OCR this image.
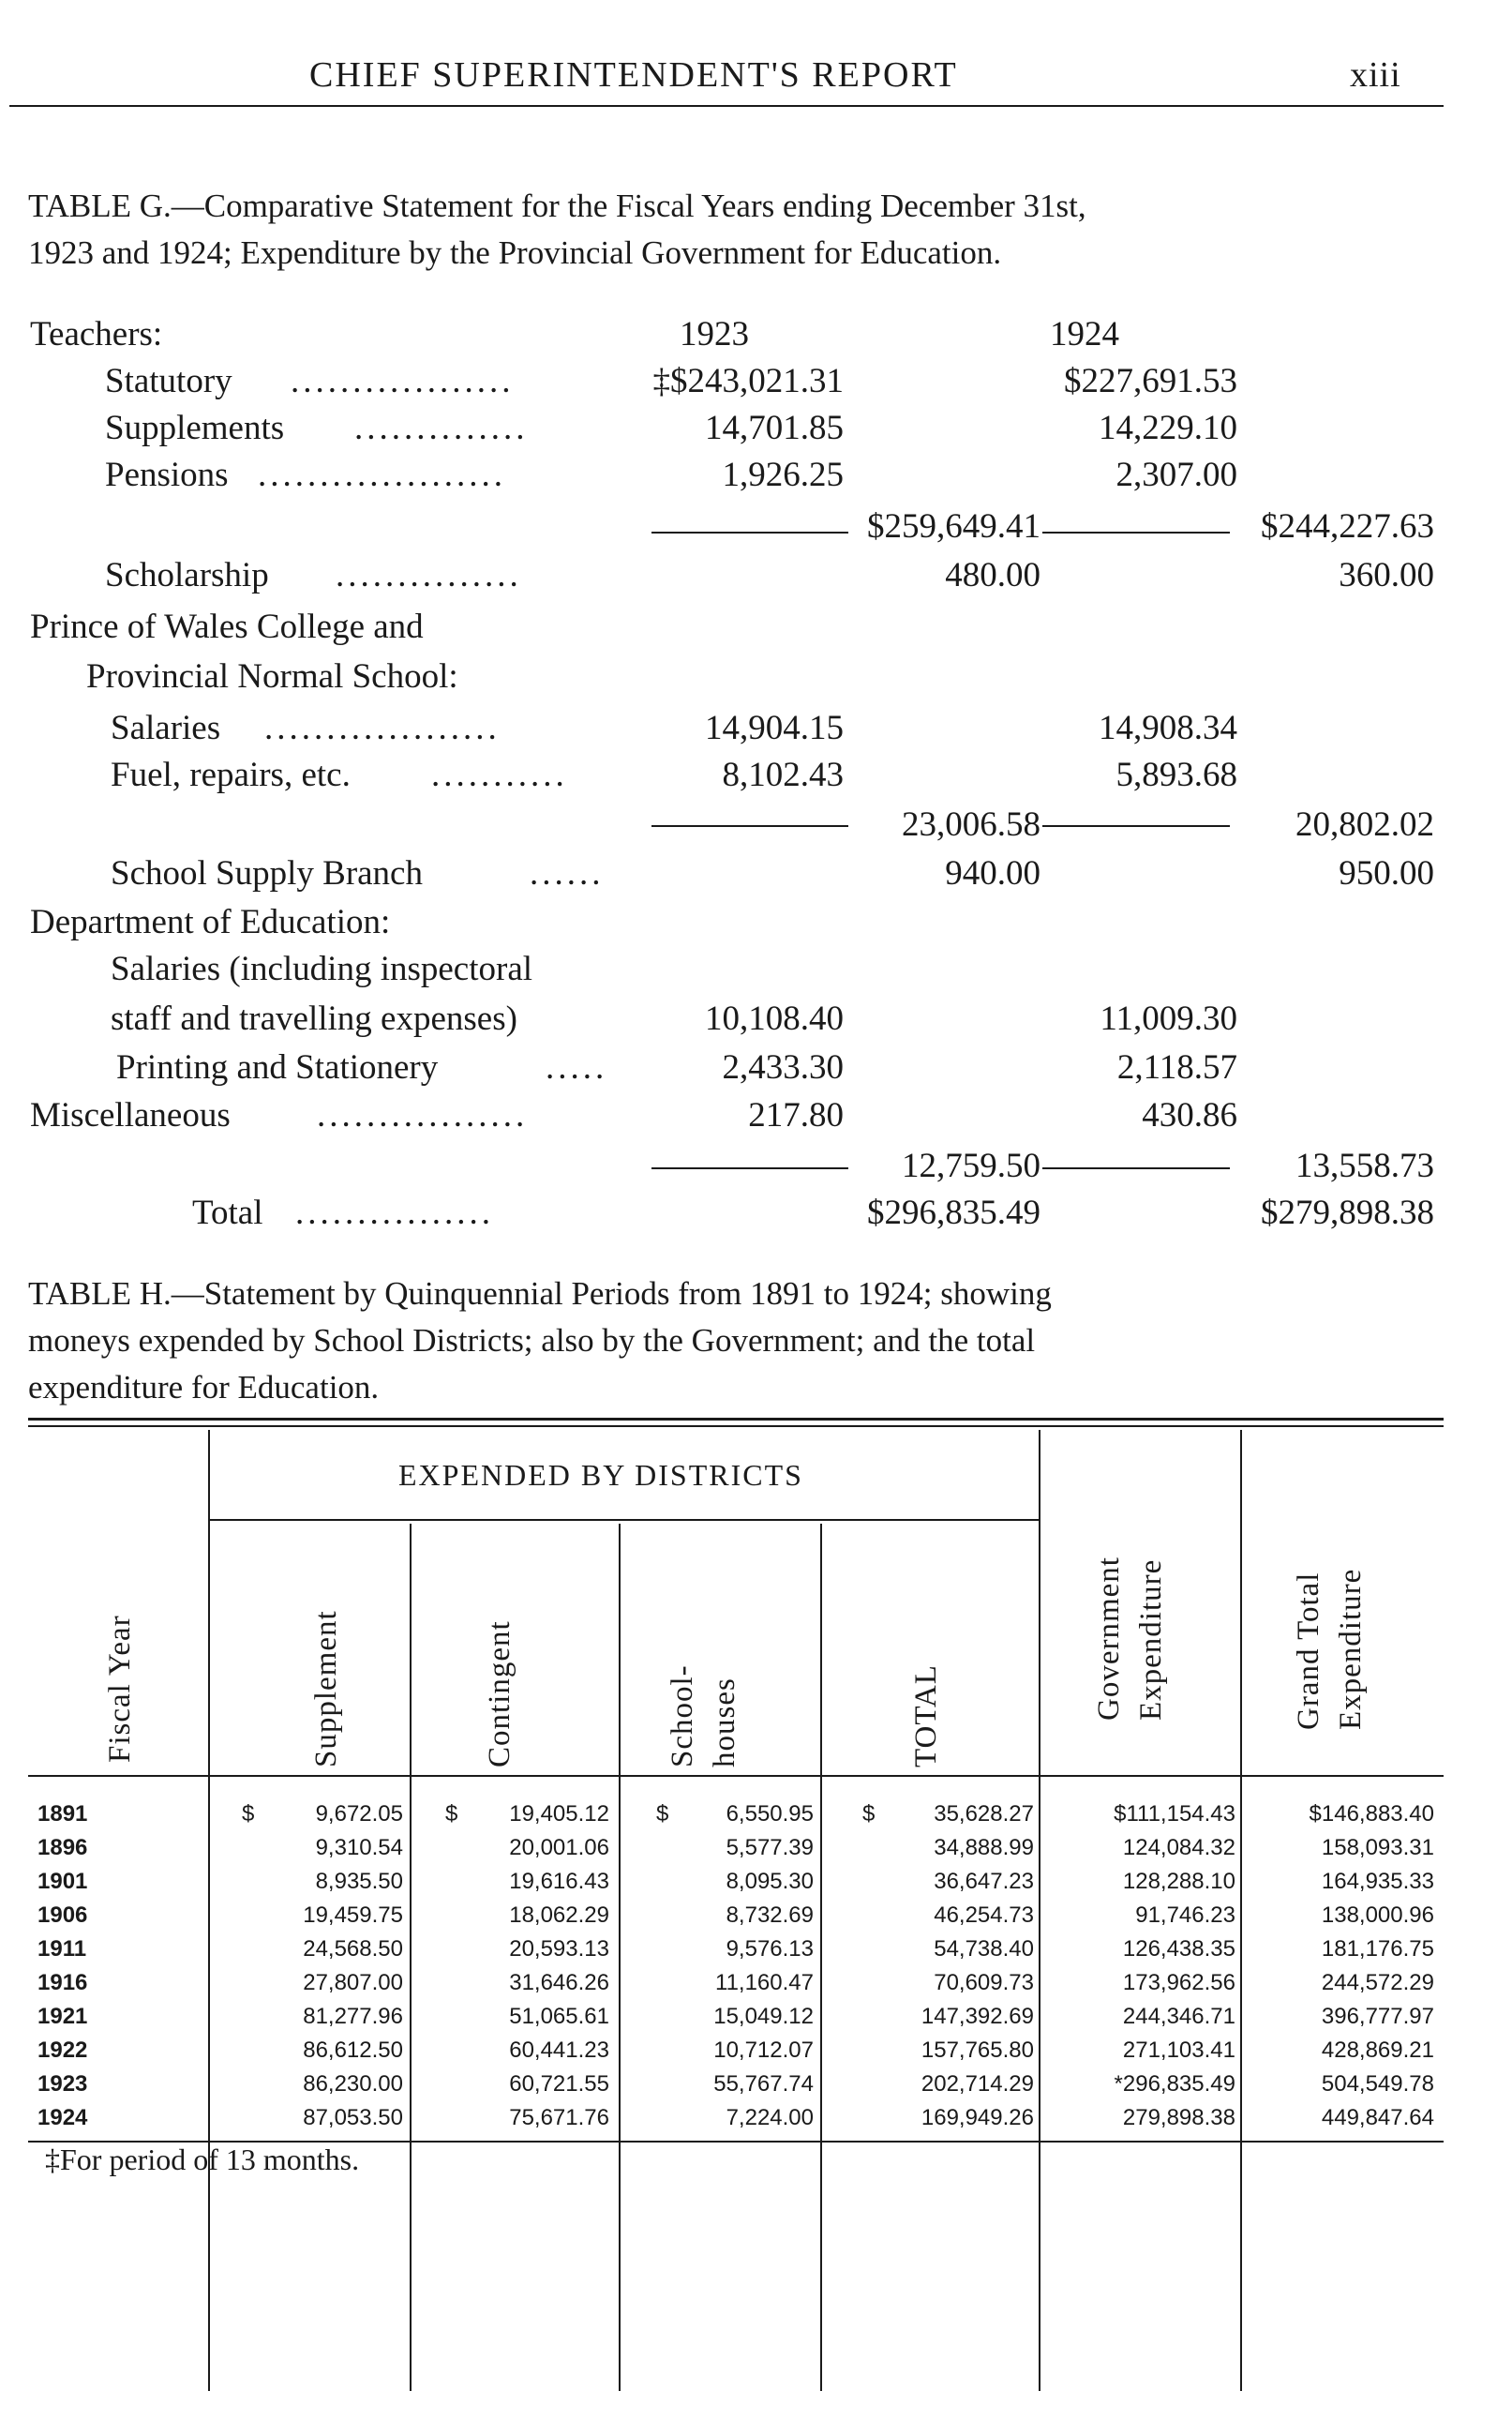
CHIEF SUPERINTENDENT'S REPORT	xiii
TABLE G.—Comparative Statement for the Fiscal Years ending December 31st,
1923 and 1924; Expenditure by the Provincial Government for Education.
Teachers:	1923	1924
Statutory ..................	‡$243,021.31	$227,691.53
Supplements ..............	14,701.85	14,229.10
Pensions ....................	1,926.25	2,307.00
$259,649.41	$244,227.63
Scholarship ...............	480.00	360.00
Prince of Wales College and
Provincial Normal School:
Salaries ...................	14,904.15	14,908.34
Fuel, repairs, etc. ...........	8,102.43	5,893.68
23,006.58	20,802.02
School Supply Branch	......	940.00	950.00
Department of Education:
Salaries (including inspectoral
staff and travelling expenses)	10,108.40	11,009.30
Printing and Stationery	.....	2,433.30	2,118.57
Miscellaneous .................	217.80	430.86
12,759.50	13,558.73
Total ................	$296,835.49	$279,898.38
TABLE H.—Statement by Quinquennial Periods from 1891 to 1924; showing
moneys expended by School Districts; also by the Government; and the total
expenditure for Education.
EXPENDED BY DISTRICTS
Fiscal Year	Supplement	Contingent	School- houses	TOTAL	Government Expenditure	Grand Total Expenditure
$	$	$	$
1891	9,672.05	19,405.12	6,550.95	35,628.27	$111,154.43	$146,883.40
1896	9,310.54	20,001.06	5,577.39	34,888.99	124,084.32	158,093.31
1901	8,935.50	19,616.43	8,095.30	36,647.23	128,288.10	164,935.33
1906	19,459.75	18,062.29	8,732.69	46,254.73	91,746.23	138,000.96
1911	24,568.50	20,593.13	9,576.13	54,738.40	126,438.35	181,176.75
1916	27,807.00	31,646.26	11,160.47	70,609.73	173,962.56	244,572.29
1921	81,277.96	51,065.61	15,049.12	147,392.69	244,346.71	396,777.97
1922	86,612.50	60,441.23	10,712.07	157,765.80	271,103.41	428,869.21
1923	86,230.00	60,721.55	55,767.74	202,714.29	*296,835.49	504,549.78
1924	87,053.50	75,671.76	7,224.00	169,949.26	279,898.38	449,847.64
‡For period of 13 months.
